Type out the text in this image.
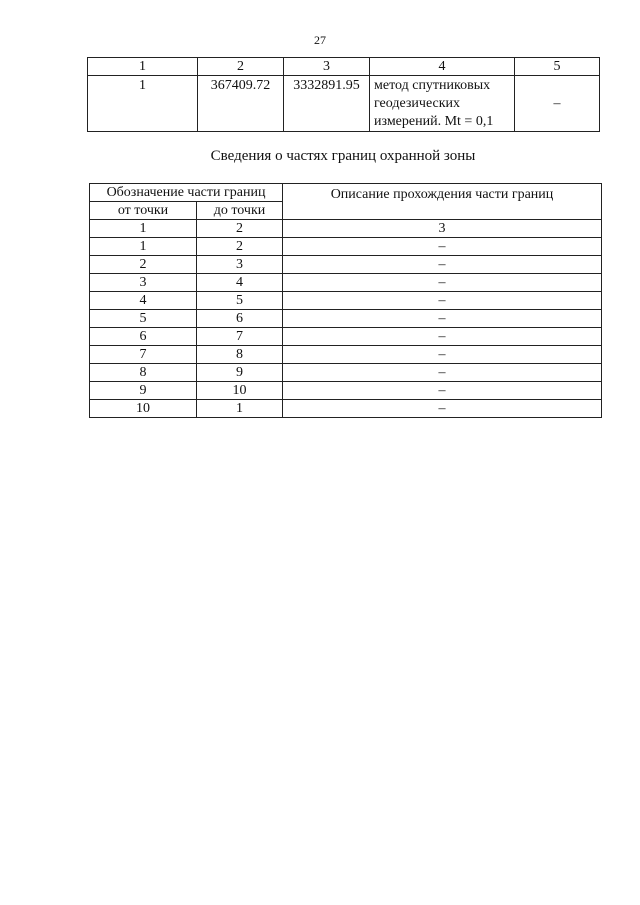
27
1	2	3	4	5
1	367409.72	3332891.95	метод спутниковых
геодезических
измерений. Mt = 0,1	–
Сведения о частях границ охранной зоны
Обозначение части границ		Описание прохождения части границ
от точки	до точки	
1	2	3
1	2	–
2	3	–
3	4	–
4	5	–
5	6	–
6	7	–
7	8	–
8	9	–
9	10	–
10	1	–
